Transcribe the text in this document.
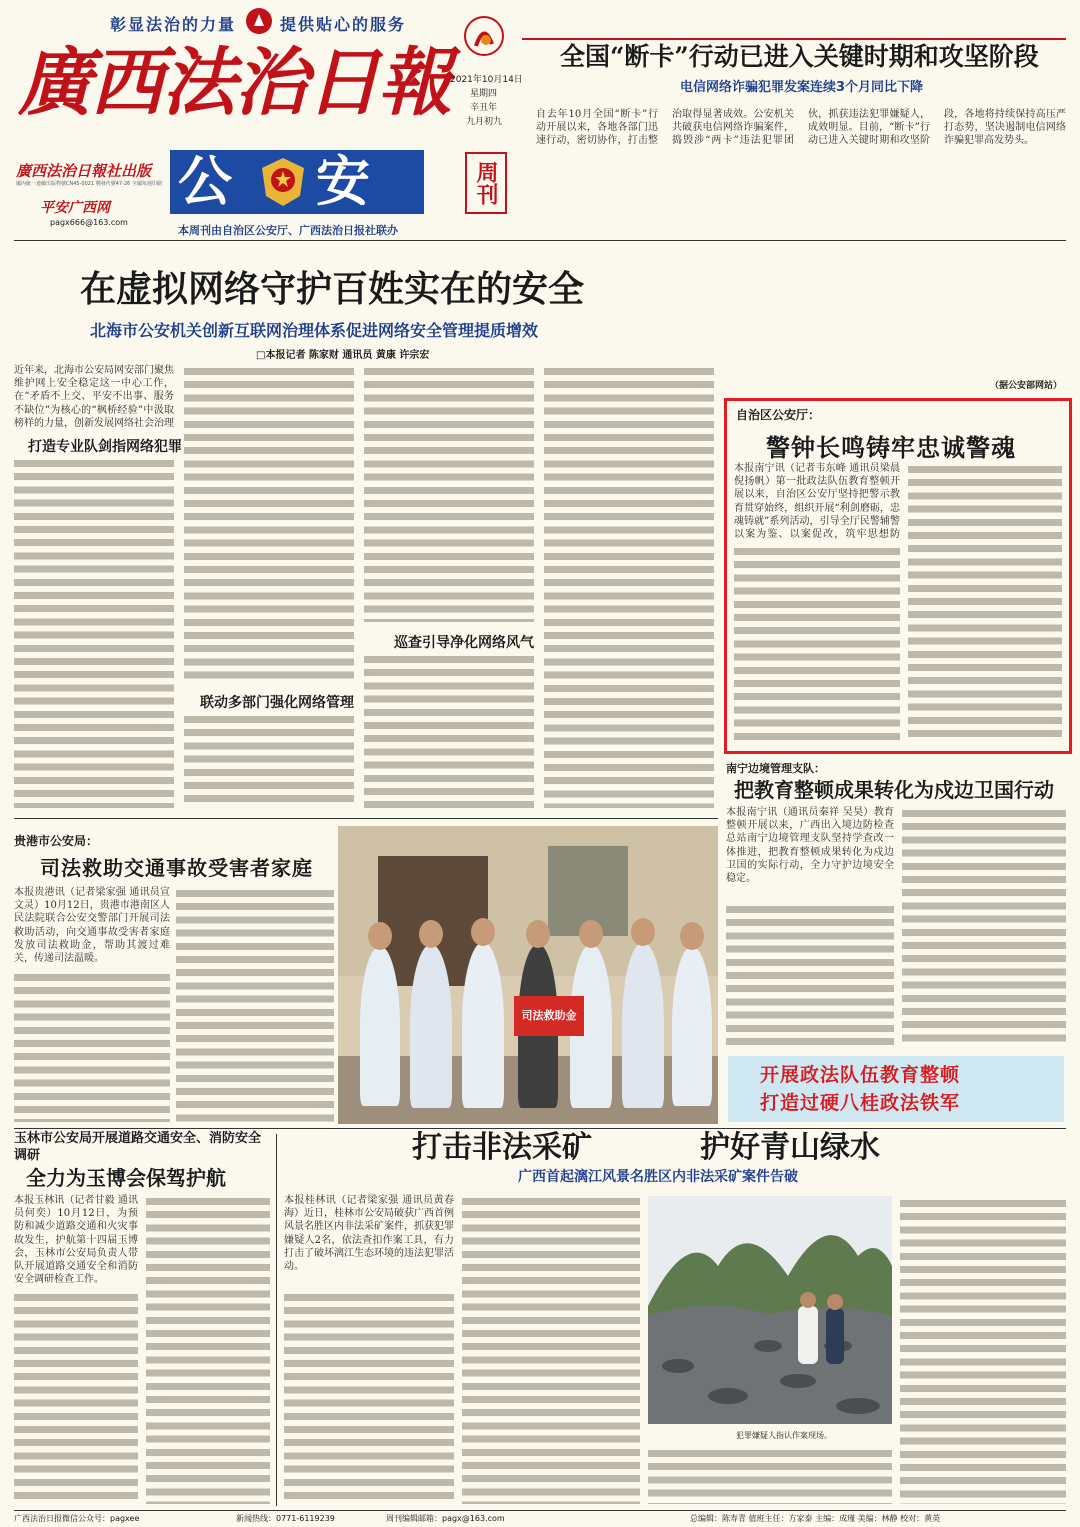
彰显法治的力量	提供贴心的服务
廣西法治日報 2021年10月14日
星期四
辛丑年
九月初九
廣西法治日報社出版
國內統一連續出版物號CN45-0021 郵發代號47-26 全國每週印刷
平安广西网
pagx666@163.com
公 安	周刊
本周刊由自治区公安厅、广西法治日报社联办
全国“断卡”行动已进入关键时期和攻坚阶段
电信网络诈骗犯罪发案连续3个月同比下降
自去年10月全国“断卡”行动开展以来，各地各部门迅速行动，密切协作，打击整治取得显著成效。公安机关共破获电信网络诈骗案件，捣毁涉“两卡”违法犯罪团伙，抓获违法犯罪嫌疑人，成效明显。目前，“断卡”行动已进入关键时期和攻坚阶段，各地将持续保持高压严打态势，坚决遏制电信网络诈骗犯罪高发势头。
（据公安部网站）
在虚拟网络守护百姓实在的安全
北海市公安机关创新互联网治理体系促进网络安全管理提质增效
□本报记者 陈家财 通讯员 黄康 许宗宏
近年来，北海市公安局网安部门聚焦维护网上安全稳定这一中心工作，在“矛盾不上交、平安不出事、服务不缺位”为核心的“枫桥经验”中汲取榜样的力量，创新发展网络社会治理
打造专业队剑指网络犯罪
联动多部门强化网络管理
巡查引导净化网络风气
自治区公安厅：
警钟长鸣铸牢忠诚警魂
本报南宁讯（记者韦东峰 通讯员梁晨 倪扬帆）第一批政法队伍教育整顿开展以来，自治区公安厅坚持把警示教育贯穿始终，组织开展“利剑磨砺，忠魂铸就”系列活动，引导全厅民警辅警以案为鉴、以案促改，筑牢思想防
南宁边境管理支队：
把教育整顿成果转化为戍边卫国行动
本报南宁讯（通讯员秦祥 吴昊）教育整顿开展以来，广西出入境边防检查总站南宁边境管理支队坚持学查改一体推进，把教育整顿成果转化为戍边卫国的实际行动，全力守护边境安全稳定。
开展政法队伍教育整顿
打造过硬八桂政法铁军
贵港市公安局：
司法救助交通事故受害者家庭
本报贵港讯（记者梁家强 通讯员宣文灵）10月12日，贵港市港南区人民法院联合公安交警部门开展司法救助活动，向交通事故受害者家庭发放司法救助金，帮助其渡过难关，传递司法温暖。
司法救助金
玉林市公安局开展道路交通安全、消防安全调研
全力为玉博会保驾护航
本报玉林讯（记者甘毅 通讯员何奕）10月12日，为预防和减少道路交通和火灾事故发生，护航第十四届玉博会，玉林市公安局负责人带队开展道路交通安全和消防安全调研检查工作。
打击非法采矿	护好青山绿水
广西首起漓江风景名胜区内非法采矿案件告破
本报桂林讯（记者梁家强 通讯员黄春海）近日，桂林市公安局破获广西首例风景名胜区内非法采矿案件，抓获犯罪嫌疑人2名，依法查扣作案工具，有力打击了破坏漓江生态环境的违法犯罪活动。
犯罪嫌疑人指认作案现场。
广西法治日报微信公众号：pagxee	新闻热线：0771-6119239	周刊编辑邮箱：pagx@163.com	总编辑：陈寿青 值班主任：方家泰 主编：成瑾 美编：林静 校对：黄英
